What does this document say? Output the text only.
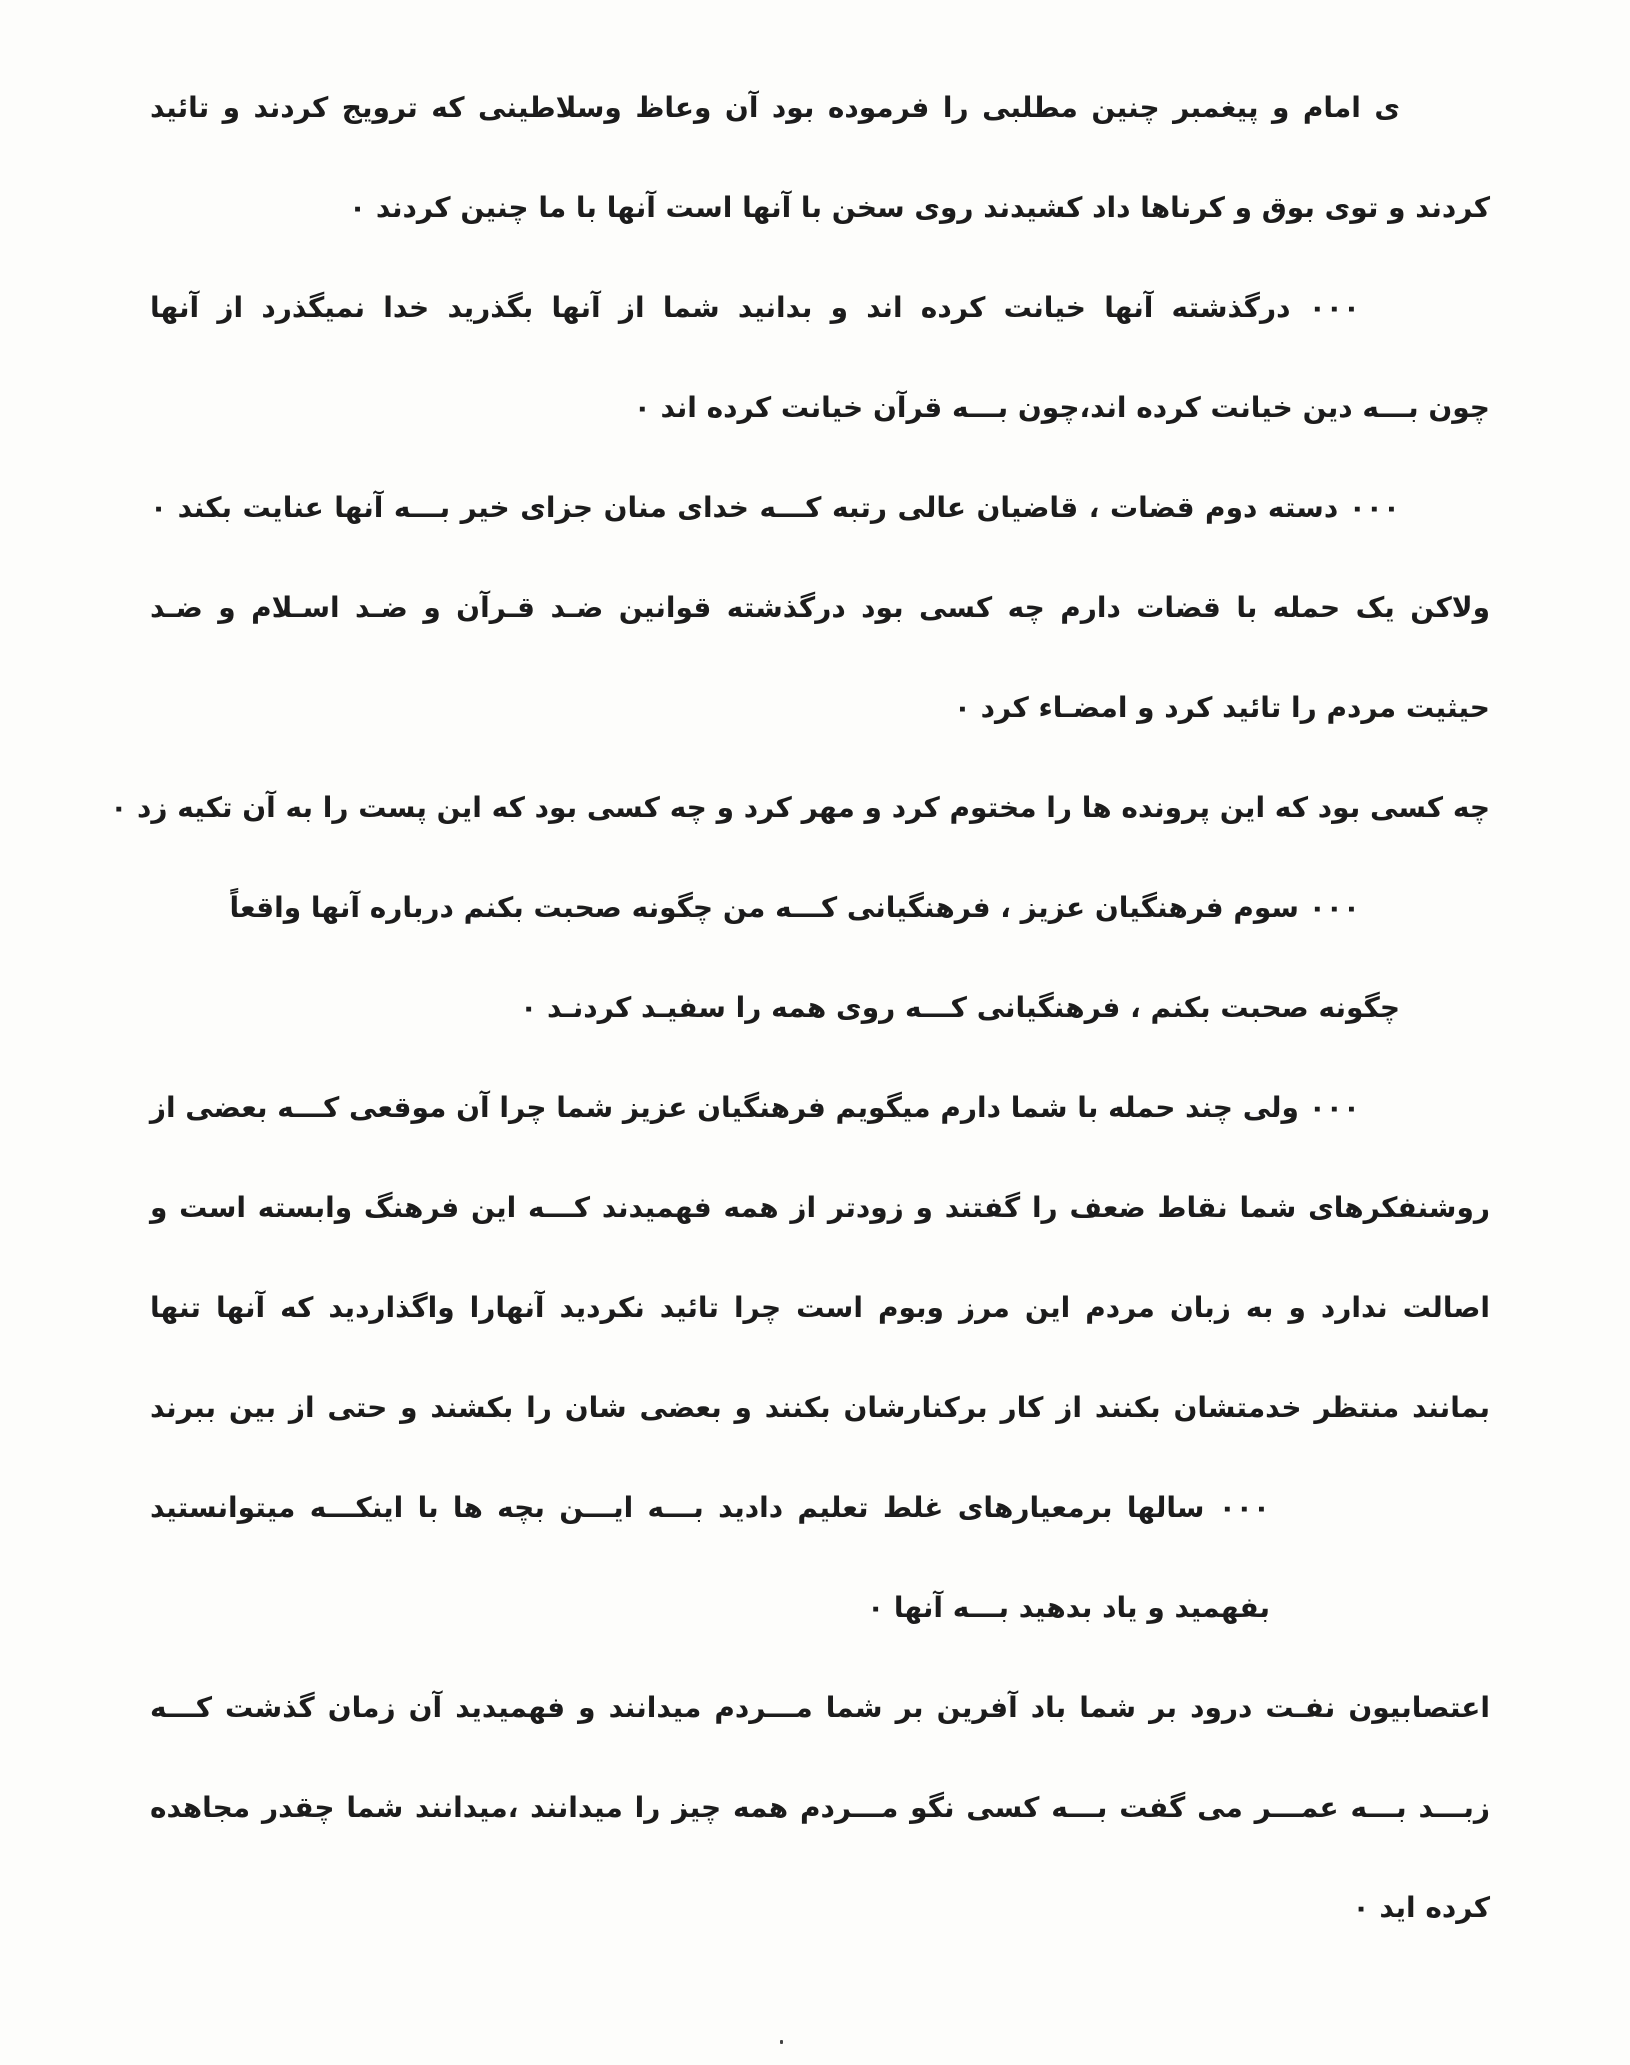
ی امام و پیغمبر چنین مطلبی را فرموده بود آن وعاظ وسلاطینی که ترویج کردند و تائید
کردند و توی بوق و کرناها داد کشیدند روی سخن با آنها است آنها با ما چنین کردند ۰
۰۰۰ درگذشته آنها خیانت کرده اند و بدانید شما از آنها بگذرید خدا نمیگذرد از آنها
چون بـــه دین خیانت کرده اند،چون بـــه قرآن خیانت کرده اند ۰
۰۰۰ دسته دوم قضات ، قاضیان عالی رتبه کـــه خدای منان جزای خیر بـــه آنها عنایت بکند ۰
ولاکن یک حمله با قضات دارم چه کسی بود درگذشته قوانین ضـد قـرآن و ضـد اسـلام و ضـد
حیثیت مردم را تائید کرد و امضـاء کرد ۰
چه کسی بود که این پرونده ها را مختوم کرد و مهر کرد و چه کسی بود که این پست را به آن تکیه زد ۰
۰۰۰ سوم فرهنگیان عزیز ، فرهنگیانی کـــه من چگونه صحبت بکنم درباره آنها واقعاً
چگونه صحبت بکنم ، فرهنگیانی کـــه روی همه را سفیـد کردنـد ۰
۰۰۰ ولی چند حمله با شما دارم میگویم فرهنگیان عزیز شما چرا آن موقعی کـــه بعضی از
روشنفکرهای شما نقاط ضعف را گفتند و زودتر از همه فهمیدند کـــه این فرهنگ وابسته است و
اصالت ندارد و به زبان مردم این مرز وبوم است چرا تائید نکردید آنهارا واگذاردید که آنها تنها
بمانند منتظر خدمتشان بکنند از کار برکنارشان بکنند و بعضی شان را بکشند و حتی از بین ببرند
۰۰۰ سالها برمعیارهای غلط تعلیم دادید بـــه ایـــن بچه ها با اینکـــه میتوانستید
بفهمید و یاد بدهید بـــه آنها ۰
اعتصابیون نفـت درود بر شما باد آفرین بر شما مـــردم میدانند و فهمیدید آن زمان گذشت کـــه
زبـــد بـــه عمـــر می گفت بـــه کسی نگو مـــردم همه چیز را میدانند ،میدانند شما چقدر مجاهده
کرده اید ۰
